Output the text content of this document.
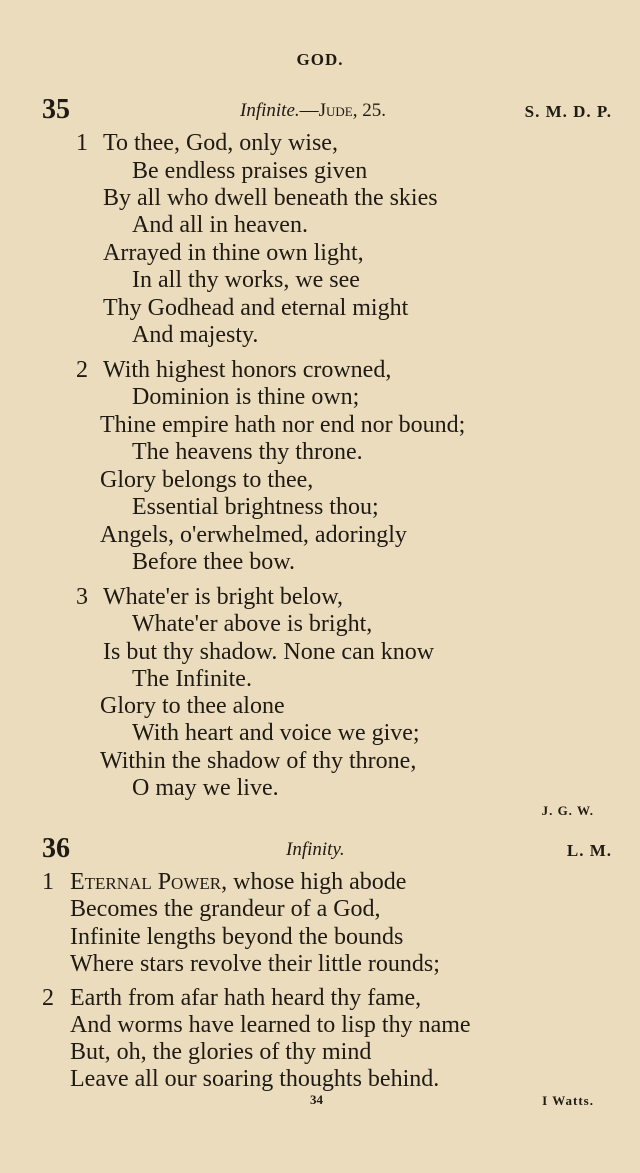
GOD.
35	Infinite.—Jude, 25.	S. M. D. P.
1 To thee, God, only wise,
Be endless praises given
By all who dwell beneath the skies
And all in heaven.
Arrayed in thine own light,
In all thy works, we see
Thy Godhead and eternal might
And majesty.
2 With highest honors crowned,
Dominion is thine own;
Thine empire hath nor end nor bound;
The heavens thy throne.
Glory belongs to thee,
Essential brightness thou;
Angels, o'erwhelmed, adoringly
Before thee bow.
3 Whate'er is bright below,
Whate'er above is bright,
Is but thy shadow. None can know
The Infinite.
Glory to thee alone
With heart and voice we give;
Within the shadow of thy throne,
O may we live.
J. G. W.
36	Infinity.	L. M.
1 Eternal Power, whose high abode
Becomes the grandeur of a God,
Infinite lengths beyond the bounds
Where stars revolve their little rounds;
2 Earth from afar hath heard thy fame,
And worms have learned to lisp thy name
But, oh, the glories of thy mind
Leave all our soaring thoughts behind.
34	I Watts.
